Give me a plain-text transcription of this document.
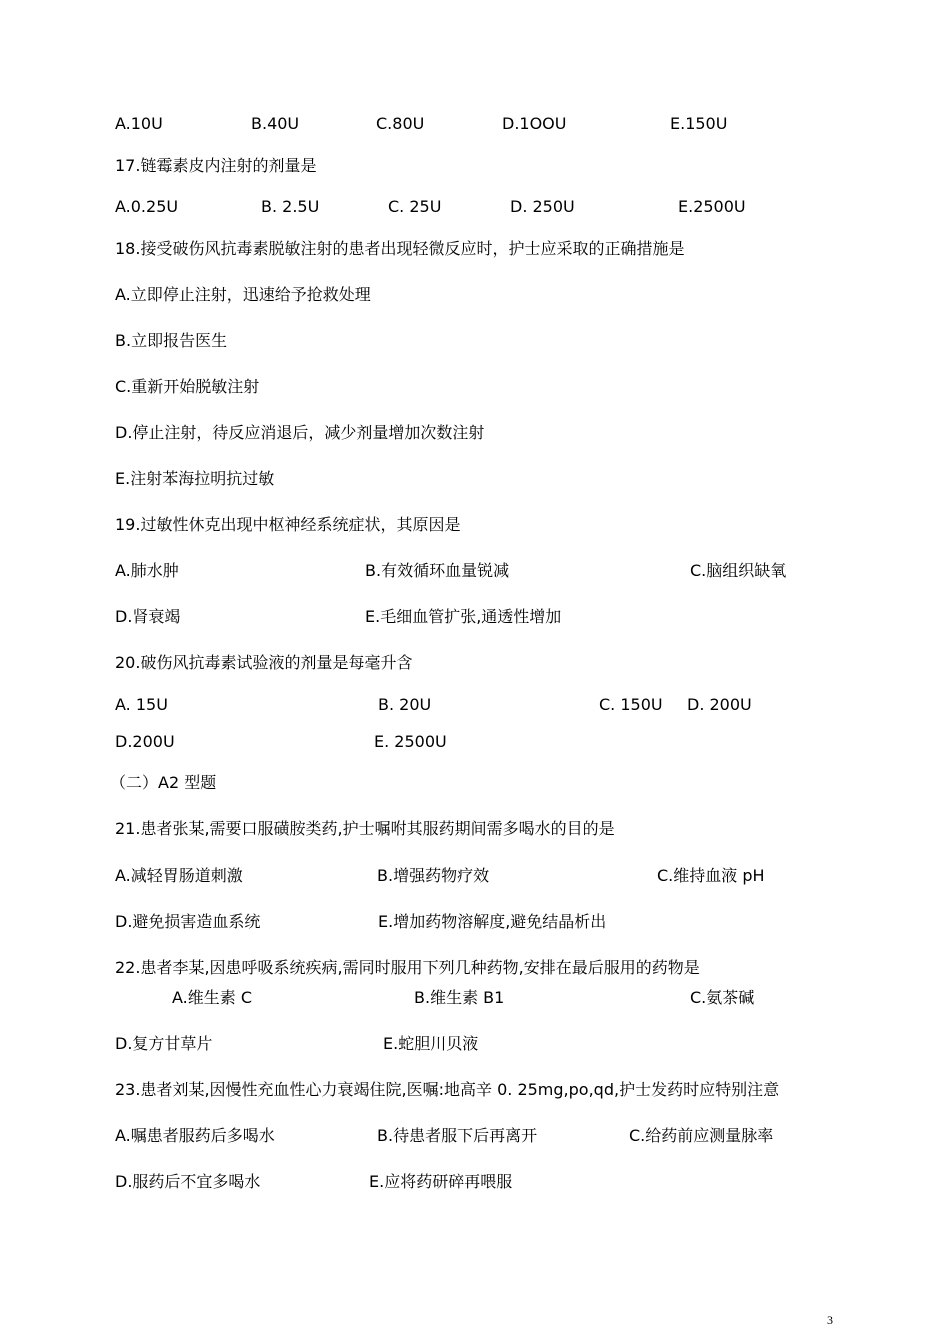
A.10U	B.40U	C.80U	D.1OOU	E.150U
17.链霉素皮内注射的剂量是
A.0.25U	B. 2.5U	C. 25U	D. 250U	E.2500U
18.接受破伤风抗毒素脱敏注射的患者出现轻微反应时，护士应采取的正确措施是
A.立即停止注射，迅速给予抢救处理
B.立即报告医生
C.重新开始脱敏注射
D.停止注射，待反应消退后，减少剂量增加次数注射
E.注射苯海拉明抗过敏
19.过敏性休克出现中枢神经系统症状，其原因是
A.肺水肿	B.有效循环血量锐减	C.脑组织缺氧
D.肾衰竭	E.毛细血管扩张,通透性增加
20.破伤风抗毒素试验液的剂量是每毫升含
A. 15U	B. 20U	C. 150U D. 200U
D.200U	E. 2500U
（二）A2 型题
21.患者张某,需要口服磺胺类药,护士嘱咐其服药期间需多喝水的目的是
A.减轻胃肠道刺激	B.增强药物疗效	C.维持血液 pH
D.避免损害造血系统	E.增加药物溶解度,避免结晶析出
22.患者李某,因患呼吸系统疾病,需同时服用下列几种药物,安排在最后服用的药物是
A.维生素 C	B.维生素 B1	C.氨茶碱
D.复方甘草片	E.蛇胆川贝液
23.患者刘某,因慢性充血性心力衰竭住院,医嘱:地高辛 0. 25mg,po,qd,护士发药时应特别注意
A.嘱患者服药后多喝水	B.待患者服下后再离开	C.给药前应测量脉率
D.服药后不宜多喝水	E.应将药研碎再喂服
3
